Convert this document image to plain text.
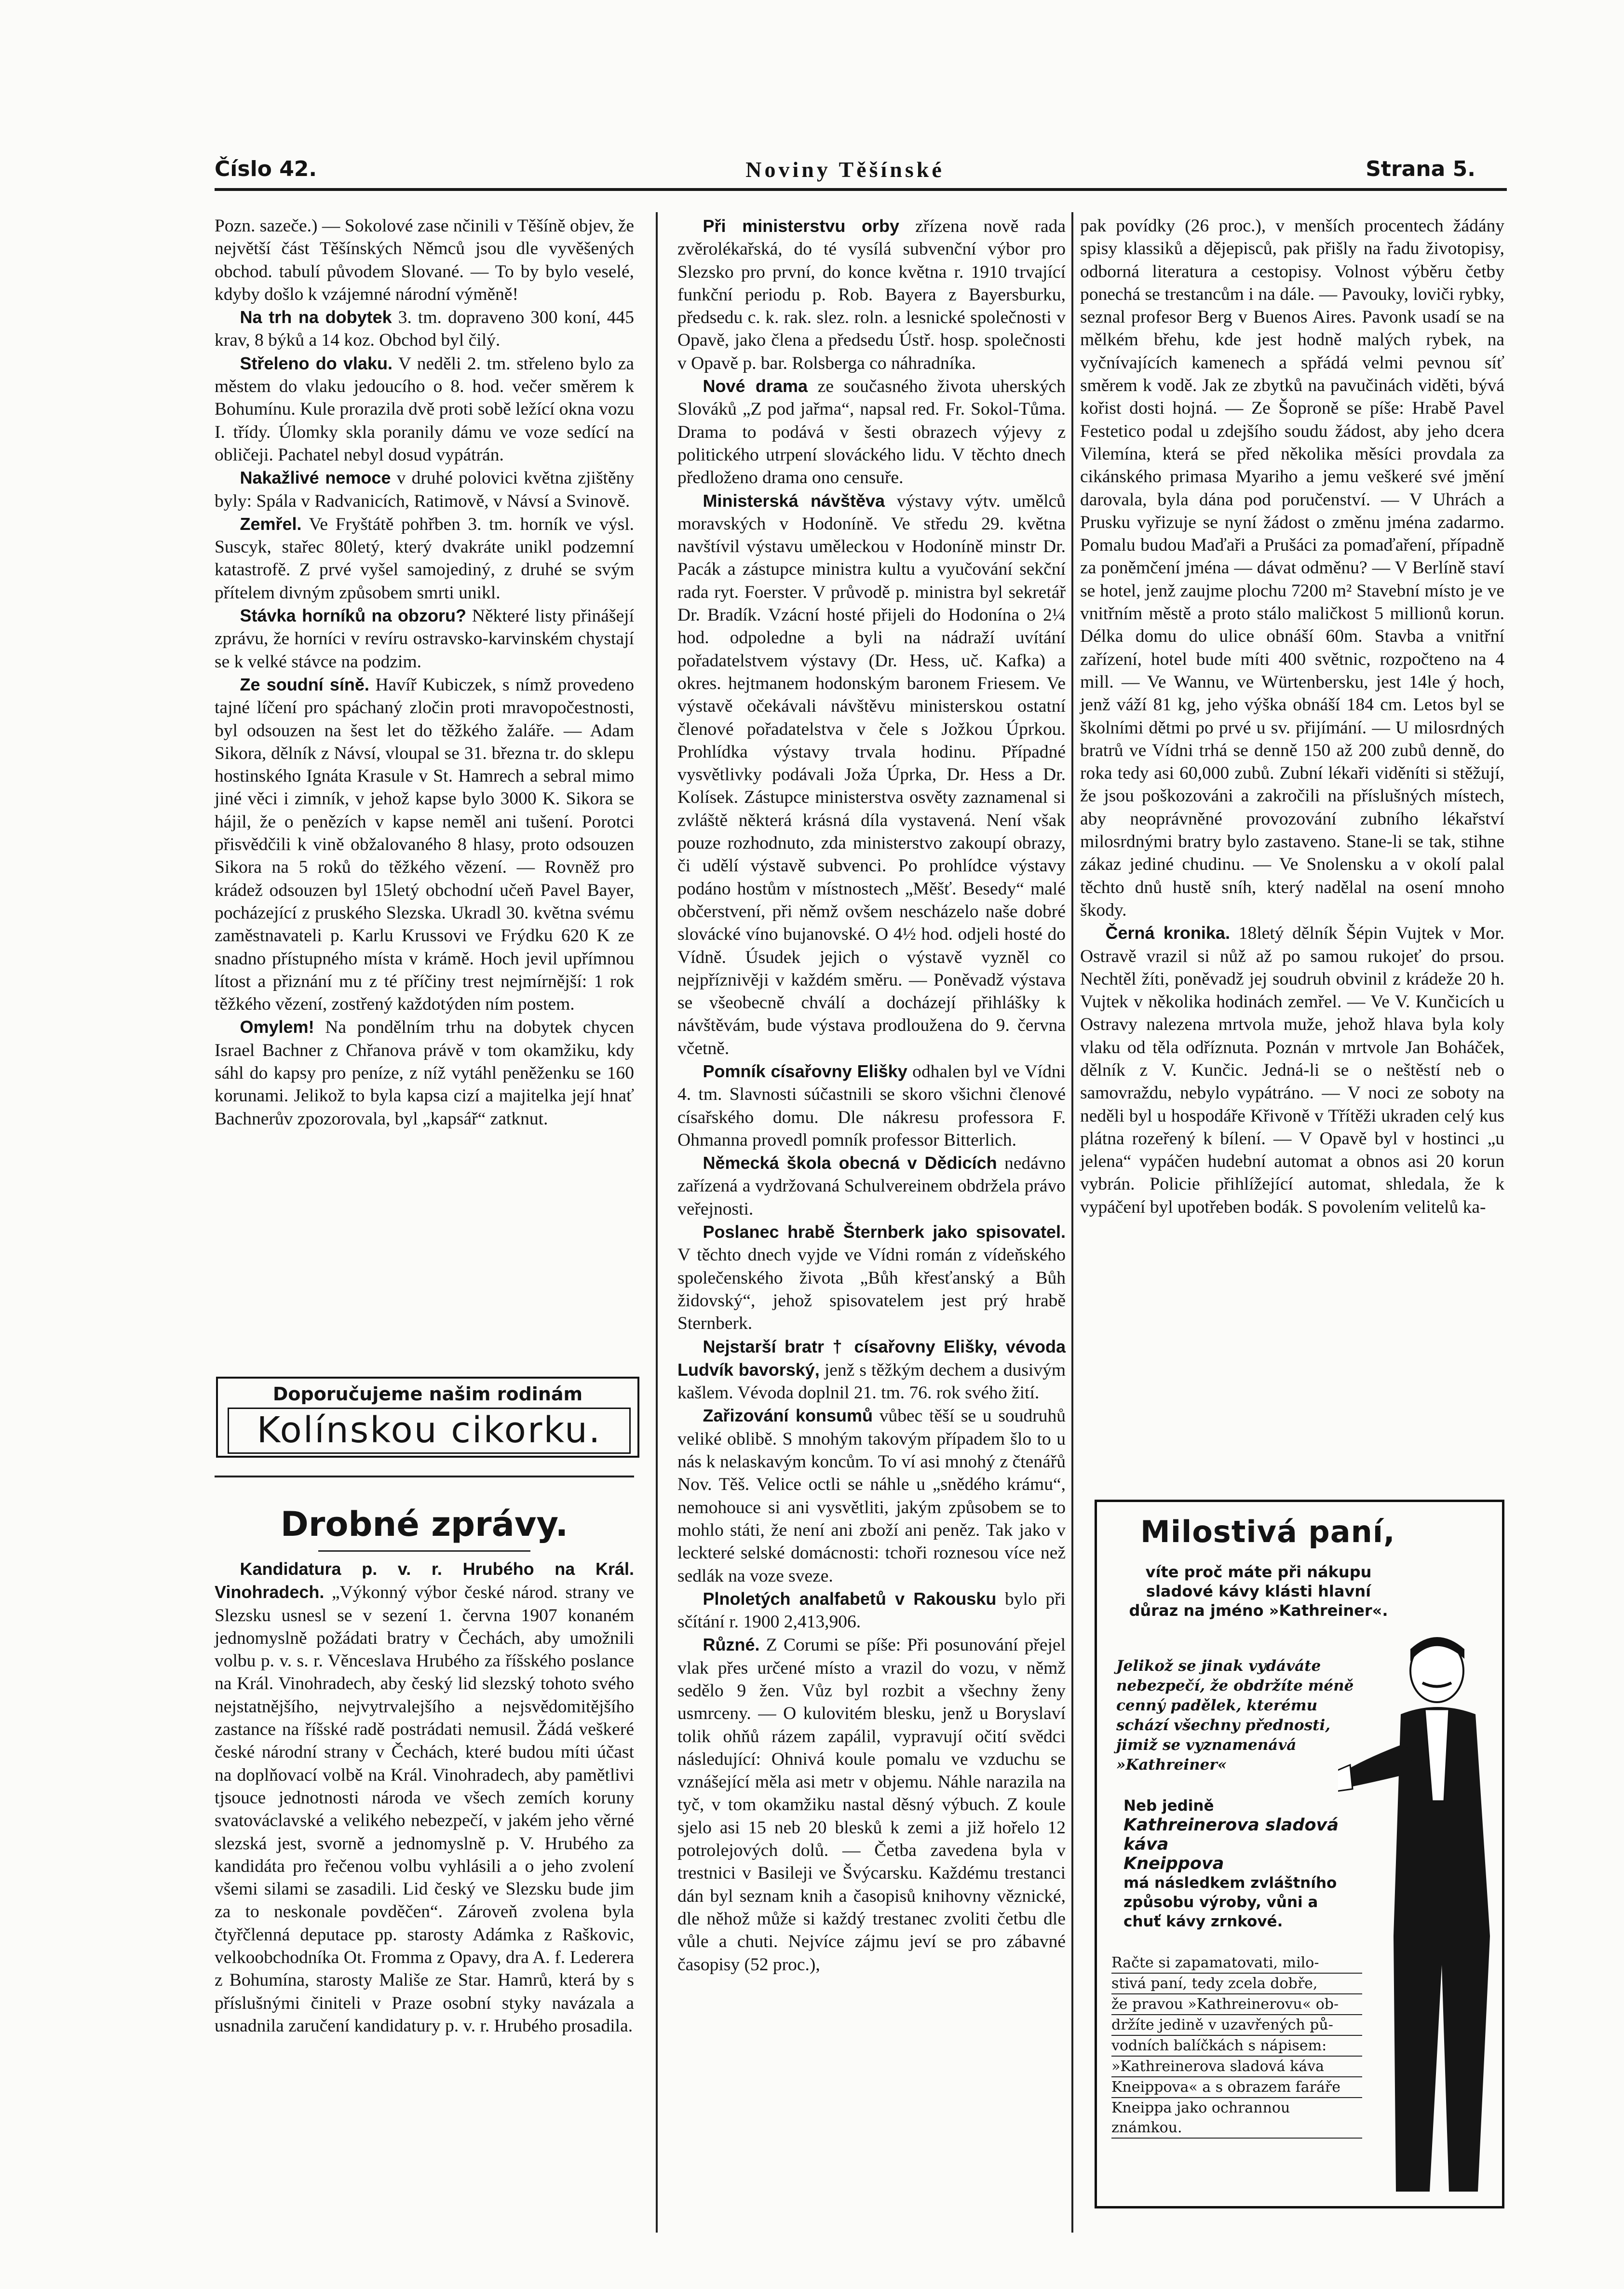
Číslo 42.	Noviny Těšínské	Strana 5.

Pozn. sazeče.) — Sokolové zase nčinili v Těšíně objev, že největší část Těšínských Němců jsou dle vyvěšených obchod. tabulí původem Slované. — To by bylo veselé, kdyby došlo k vzájemné národní výměně!

Na trh na dobytek 3. tm. dopraveno 300 koní, 445 krav, 8 býků a 14 koz. Obchod byl čilý.

Střeleno do vlaku. V neděli 2. tm. střeleno bylo za městem do vlaku jedoucího o 8. hod. večer směrem k Bohumínu. Kule prorazila dvě proti sobě ležící okna vozu I. třídy. Úlomky skla poranily dámu ve voze sedící na obličeji. Pachatel nebyl dosud vypátrán.

Nakažlivé nemoce v druhé polovici května zjištěny byly: Spála v Radvanicích, Ratimově, v Návsí a Svinově.

Zemřel. Ve Fryštátě pohřben 3. tm. horník ve výsl. Suscyk, stařec 80letý, který dvakráte unikl podzemní katastrofě. Z prvé vyšel samojediný, z druhé se svým přítelem divným způsobem smrti unikl.

Stávka horníků na obzoru? Některé listy přinášejí zprávu, že horníci v revíru ostravsko-karvinském chystají se k velké stávce na podzim.

Ze soudní síně. Havíř Kubiczek, s nímž provedeno tajné líčení pro spáchaný zločin proti mravopočestnosti, byl odsouzen na šest let do těžkého žaláře. — Adam Sikora, dělník z Návsí, vloupal se 31. března tr. do sklepu hostinského Ignáta Krasule v St. Hamrech a sebral mimo jiné věci i zimník, v jehož kapse bylo 3000 K. Sikora se hájil, že o penězích v kapse neměl ani tušení. Porotci přisvědčili k vině obžalovaného 8 hlasy, proto odsouzen Sikora na 5 roků do těžkého vězení. — Rovněž pro krádež odsouzen byl 15letý obchodní učeň Pavel Bayer, pocházející z pruského Slezska. Ukradl 30. května svému zaměstnavateli p. Karlu Krussovi ve Frýdku 620 K ze snadno přístupného místa v krámě. Hoch jevil upřímnou lítost a přiznání mu z té příčiny trest nejmírnější: 1 rok těžkého vězení, zostřený každotýden ním postem.

Omylem! Na pondělním trhu na dobytek chycen Israel Bachner z Chřanova právě v tom okamžiku, kdy sáhl do kapsy pro peníze, z níž vytáhl peněženku se 160 korunami. Jelikož to byla kapsa cizí a majitelka její hnať Bachnerův zpozorovala, byl „kapsář“ zatknut.

Doporučujeme našim rodinám
Kolínskou cikorku.
Drobné zprávy.

Kandidatura p. v. r. Hrubého na Král. Vinohradech. „Výkonný výbor české národ. strany ve Slezsku usnesl se v sezení 1. června 1907 konaném jednomyslně požádati bratry v Čechách, aby umožnili volbu p. v. s. r. Věnceslava Hrubého za říšského poslance na Král. Vinohradech, aby český lid slezský tohoto svého nejstatnějšího, nejvytrvalejšího a nejsvědomitějšího zastance na říšské radě postrádati nemusil. Žádá veškeré české národní strany v Čechách, které budou míti účast na doplňovací volbě na Král. Vinohradech, aby pamětlivi tjsouce jednotnosti národa ve všech zemích koruny svatováclavské a velikého nebezpečí, v jakém jeho věrné slezská jest, svorně a jednomyslně p. V. Hrubého za kandidáta pro řečenou volbu vyhlásili a o jeho zvolení všemi silami se zasadili. Lid český ve Slezsku bude jim za to neskonale povděčen“. Zároveň zvolena byla čtyřčlenná deputace pp. starosty Adámka z Raškovic, velkoobchodníka Ot. Fromma z Opavy, dra A. f. Lederera z Bohumína, starosty Mališe ze Star. Hamrů, která by s příslušnými činiteli v Praze osobní styky navázala a usnadnila zaručení kandidatury p. v. r. Hrubého prosadila.

Při ministerstvu orby zřízena nově rada zvěrolékařská, do té vysílá subvenční výbor pro Slezsko pro první, do konce května r. 1910 trvající funkční periodu p. Rob. Bayera z Bayersburku, předsedu c. k. rak. slez. roln. a lesnické společnosti v Opavě, jako člena a předsedu Ústř. hosp. společnosti v Opavě p. bar. Rolsberga co náhradníka.

Nové drama ze současného života uherských Slováků „Z pod jařma“, napsal red. Fr. Sokol-Tůma. Drama to podává v šesti obrazech výjevy z politického utrpení slováckého lidu. V těchto dnech předloženo drama ono censuře.

Ministerská návštěva výstavy výtv. umělců moravských v Hodoníně. Ve středu 29. května navštívil výstavu uměleckou v Hodoníně minstr Dr. Pacák a zástupce ministra kultu a vyučování sekční rada ryt. Foerster. V průvodě p. ministra byl sekretář Dr. Bradík. Vzácní hosté přijeli do Hodonína o 2¼ hod. odpoledne a byli na nádraží uvítání pořadatelstvem výstavy (Dr. Hess, uč. Kafka) a okres. hejtmanem hodonským baronem Friesem. Ve výstavě očekávali návštěvu ministerskou ostatní členové pořadatelstva v čele s Jožkou Úprkou. Prohlídka výstavy trvala hodinu. Případné vysvětlivky podávali Joža Úprka, Dr. Hess a Dr. Kolísek. Zástupce ministerstva osvěty zaznamenal si zvláště některá krásná díla vystavená. Není však pouze rozhodnuto, zda ministerstvo zakoupí obrazy, či udělí výstavě subvenci. Po prohlídce výstavy podáno hostům v místnostech „Měšť. Besedy“ malé občerstvení, při němž ovšem nescházelo naše dobré slovácké víno bujanovské. O 4½ hod. odjeli hosté do Vídně. Úsudek jejich o výstavě vyzněl co nejpříznivěji v každém směru. — Poněvadž výstava se všeobecně chválí a docházejí přihlášky k návštěvám, bude výstava prodloužena do 9. června včetně.

Pomník císařovny Elišky odhalen byl ve Vídni 4. tm. Slavnosti súčastnili se skoro všichni členové císařského domu. Dle nákresu professora F. Ohmanna provedl pomník professor Bitterlich.

Německá škola obecná v Dědicích nedávno zařízená a vydržovaná Schulvereinem obdržela právo veřejnosti.

Poslanec hrabě Šternberk jako spisovatel. V těchto dnech vyjde ve Vídni román z vídeňského společenského života „Bůh křesťanský a Bůh židovský“, jehož spisovatelem jest prý hrabě Sternberk.

Nejstarší bratr † císařovny Elišky, vévoda Ludvík bavorský, jenž s těžkým dechem a dusivým kašlem. Vévoda doplnil 21. tm. 76. rok svého žití.

Zařizování konsumů vůbec těší se u soudruhů veliké oblibě. S mnohým takovým případem šlo to u nás k nelaskavým koncům. To ví asi mnohý z čtenářů Nov. Těš. Velice octli se náhle u „snědého krámu“, nemohouce si ani vysvětliti, jakým způsobem se to mohlo státi, že není ani zboží ani peněz. Tak jako v leckteré selské domácnosti: tchoři roznesou více než sedlák na voze sveze.

Plnoletých analfabetů v Rakousku bylo při sčítání r. 1900 2,413,906.

Různé. Z Corumi se píše: Při posunování přejel vlak přes určené místo a vrazil do vozu, v němž sedělo 9 žen. Vůz byl rozbit a všechny ženy usmrceny. — O kulovitém blesku, jenž u Boryslaví tolik ohňů rázem zapálil, vypravují očití svědci následující: Ohnivá koule pomalu ve vzduchu se vznášející měla asi metr v objemu. Náhle narazila na tyč, v tom okamžiku nastal děsný výbuch. Z koule sjelo asi 15 neb 20 blesků k zemi a již hořelo 12 potrolejových dolů. — Četba zavedena byla v trestnici v Basileji ve Švýcarsku. Každému trestanci dán byl seznam knih a časopisů knihovny věznické, dle něhož může si každý trestanec zvoliti četbu dle vůle a chuti. Nejvíce zájmu jeví se pro zábavné časopisy (52 proc.),

pak povídky (26 proc.), v menších procentech žádány spisy klassiků a dějepisců, pak přišly na řadu životopisy, odborná literatura a cestopisy. Volnost výběru četby ponechá se trestancům i na dále. — Pavouky, loviči rybky, seznal profesor Berg v Buenos Aires. Pavonk usadí se na mělkém břehu, kde jest hodně malých rybek, na vyčnívajících kamenech a spřádá velmi pevnou síť směrem k vodě. Jak ze zbytků na pavučinách viděti, bývá kořist dosti hojná. — Ze Šoproně se píše: Hrabě Pavel Festetico podal u zdejšího soudu žádost, aby jeho dcera Vilemína, která se před několika měsíci provdala za cikánského primasa Myariho a jemu veškeré své jmění darovala, byla dána pod poručenství. — V Uhrách a Prusku vyřizuje se nyní žádost o změnu jména zadarmo. Pomalu budou Maďaři a Prušáci za pomaďaření, případně za poněmčení jména — dávat odměnu? — V Berlíně staví se hotel, jenž zaujme plochu 7200 m² Stavební místo je ve vnitřním městě a proto stálo maličkost 5 millionů korun. Délka domu do ulice obnáší 60m. Stavba a vnitřní zařízení, hotel bude míti 400 světnic, rozpočteno na 4 mill. — Ve Wannu, ve Würtenbersku, jest 14le ý hoch, jenž váží 81 kg, jeho výška obnáší 184 cm. Letos byl se školními dětmi po prvé u sv. přijímání. — U milosrdných bratrů ve Vídni trhá se denně 150 až 200 zubů denně, do roka tedy asi 60,000 zubů. Zubní lékaři viděníti si stěžují, že jsou poškozováni a zakročili na příslušných místech, aby neoprávněné provozování zubního lékařství milosrdnými bratry bylo zastaveno. Stane-li se tak, stihne zákaz jediné chudinu. — Ve Snolensku a v okolí palal těchto dnů hustě sníh, který nadělal na osení mnoho škody.

Černá kronika. 18letý dělník Šépin Vujtek v Mor. Ostravě vrazil si nůž až po samou rukojeť do prsou. Nechtěl žíti, poněvadž jej soudruh obvinil z krádeže 20 h. Vujtek v několika hodinách zemřel. — Ve V. Kunčicích u Ostravy nalezena mrtvola muže, jehož hlava byla koly vlaku od těla odříznuta. Poznán v mrtvole Jan Boháček, dělník z V. Kunčic. Jedná-li se o neštěstí neb o samovraždu, nebylo vypátráno. — V noci ze soboty na neděli byl u hospodáře Křivoně v Třítěži ukraden celý kus plátna rozeřený k bílení. — V Opavě byl v hostinci „u jelena“ vypáčen hudební automat a obnos asi 20 korun vybrán. Policie přihlížející automat, shledala, že k vypáčení byl upotřeben bodák. S povolením velitelů ka-

Milostivá paní,
víte proč máte při nákupu sladové kávy klásti hlavní důraz na jméno »Kathreiner«.
Jelikož se jinak vydáváte nebezpečí, že obdržíte méně cenný padělek, kterému schází všechny přednosti, jimiž se vyznamenává »Kathreiner«
Neb jedině
Kathreinerova sladová káva
Kneippova
má následkem zvláštního způsobu výroby, vůni a chuť kávy zrnkové.
Račte si zapamatovati, milo-
stivá paní, tedy zcela dobře,
že pravou »Kathreinerovu« ob-
držíte jedině v uzavřených pů-
vodních balíčkách s nápisem:
»Kathreinerova sladová káva
Kneippova« a s obrazem faráře
Kneippa jako ochrannou známkou.
